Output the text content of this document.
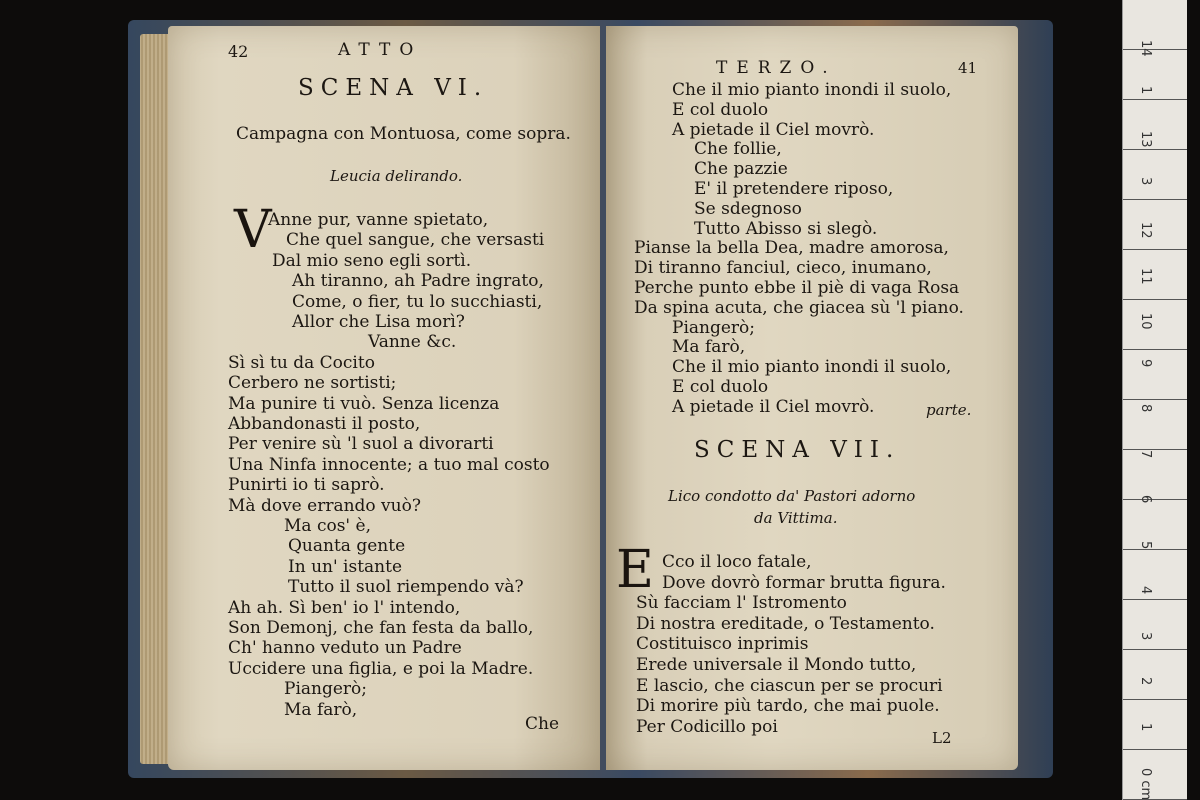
42	ATTO
SCENA VI.
Campagna con Montuosa, come sopra.
Leucia delirando.
V
Anne pur, vanne spietato,
Che quel sangue, che versasti
Dal mio seno egli sortì.
Ah tiranno, ah Padre ingrato,
Come, o fier, tu lo succhiasti,
Allor che Lisa morì?
Vanne &c.
Sì sì tu da Cocito
Cerbero ne sortisti;
Ma punire ti vuò. Senza licenza
Abbandonasti il posto,
Per venire sù 'l suol a divorarti
Una Ninfa innocente; a tuo mal costo
Punirti io ti saprò.
Mà dove errando vuò?
Ma cos' è,
Quanta gente
In un' istante
Tutto il suol riempendo và?
Ah ah. Sì ben' io l' intendo,
Son Demonj, che fan festa da ballo,
Ch' hanno veduto un Padre
Uccidere una figlia, e poi la Madre.
Piangerò;
Ma farò,
Che
TERZO.	41
Che il mio pianto inondi il suolo,
E col duolo
A pietade il Ciel movrò.
Che follie,
Che pazzie
E' il pretendere riposo,
Se sdegnoso
Tutto Abisso si slegò.
Pianse la bella Dea, madre amorosa,
Di tiranno fanciul, cieco, inumano,
Perche punto ebbe il piè di vaga Rosa
Da spina acuta, che giacea sù 'l piano.
Piangerò;
Ma farò,
Che il mio pianto inondi il suolo,
E col duolo
A pietade il Ciel movrò.	parte.
SCENA VII.
Lico condotto da' Pastori adorno
da Vittima.
E Cco il loco fatale,
Dove dovrò formar brutta figura.
Sù facciam l' Istromento
Di nostra ereditade, o Testamento.
Costituisco inprimis
Erede universale il Mondo tutto,
E lascio, che ciascun per se procuri
Di morire più tardo, che mai puole.
Per Codicillo poi
L2
14
1
13
3
12
11
10
9
8
7
6
5
4
3
2
1
0 cm
